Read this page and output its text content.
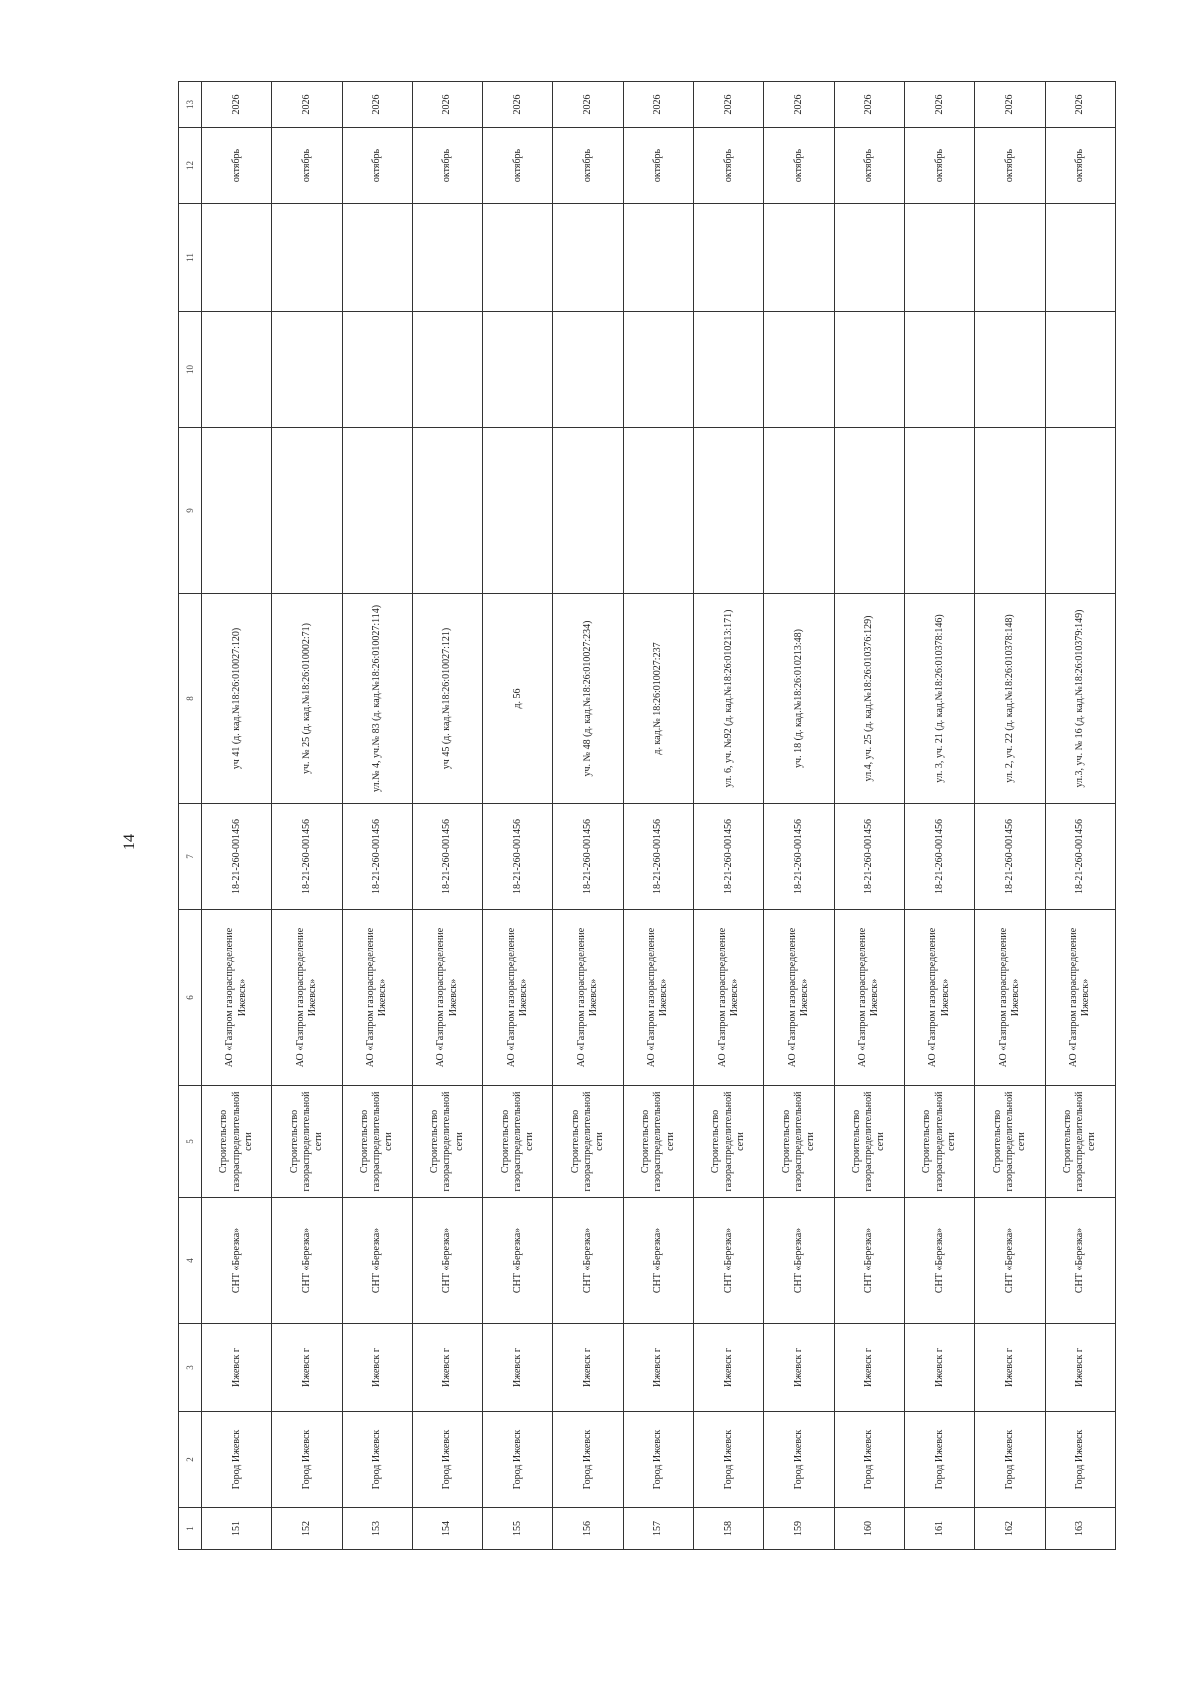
14
1	2	3	4	5	6	7	8	9	10	11	12	13
151	Город Ижевск	Ижевск г	СНТ «Березка»	Строительство газораспределительной сети	АО «Газпром газораспределение Ижевск»	18-21-260-001456	уч 41 (д. кад.№18:26:010027:120)				октябрь	2026
152	Город Ижевск	Ижевск г	СНТ «Березка»	Строительство газораспределительной сети	АО «Газпром газораспределение Ижевск»	18-21-260-001456	уч. № 25 (д. кад.№18:26:010002:71)				октябрь	2026
153	Город Ижевск	Ижевск г	СНТ «Березка»	Строительство газораспределительной сети	АО «Газпром газораспределение Ижевск»	18-21-260-001456	ул.№ 4, уч.№ 83 (д. кад.№18:26:010027:114)				октябрь	2026
154	Город Ижевск	Ижевск г	СНТ «Березка»	Строительство газораспределительной сети	АО «Газпром газораспределение Ижевск»	18-21-260-001456	уч 45 (д. кад.№18:26:010027:121)				октябрь	2026
155	Город Ижевск	Ижевск г	СНТ «Березка»	Строительство газораспределительной сети	АО «Газпром газораспределение Ижевск»	18-21-260-001456	д. 56				октябрь	2026
156	Город Ижевск	Ижевск г	СНТ «Березка»	Строительство газораспределительной сети	АО «Газпром газораспределение Ижевск»	18-21-260-001456	уч. № 48 (д. кад.№18:26:010027:234)				октябрь	2026
157	Город Ижевск	Ижевск г	СНТ «Березка»	Строительство газораспределительной сети	АО «Газпром газораспределение Ижевск»	18-21-260-001456	д. кад.№ 18:26:010027:237				октябрь	2026
158	Город Ижевск	Ижевск г	СНТ «Березка»	Строительство газораспределительной сети	АО «Газпром газораспределение Ижевск»	18-21-260-001456	ул. 6, уч. №92 (д. кад.№18:26:010213:171)				октябрь	2026
159	Город Ижевск	Ижевск г	СНТ «Березка»	Строительство газораспределительной сети	АО «Газпром газораспределение Ижевск»	18-21-260-001456	уч. 18 (д. кад.№18:26:010213:48)				октябрь	2026
160	Город Ижевск	Ижевск г	СНТ «Березка»	Строительство газораспределительной сети	АО «Газпром газораспределение Ижевск»	18-21-260-001456	ул.4, уч. 25 (д. кад.№18:26:010376:129)				октябрь	2026
161	Город Ижевск	Ижевск г	СНТ «Березка»	Строительство газораспределительной сети	АО «Газпром газораспределение Ижевск»	18-21-260-001456	ул. 3, уч. 21 (д. кад.№18:26:010378:146)				октябрь	2026
162	Город Ижевск	Ижевск г	СНТ «Березка»	Строительство газораспределительной сети	АО «Газпром газораспределение Ижевск»	18-21-260-001456	ул. 2, уч. 22 (д. кад.№18:26:010378:148)				октябрь	2026
163	Город Ижевск	Ижевск г	СНТ «Березка»	Строительство газораспределительной сети	АО «Газпром газораспределение Ижевск»	18-21-260-001456	ул.3, уч. № 16 (д. кад.№18:26:010379:149)				октябрь	2026
